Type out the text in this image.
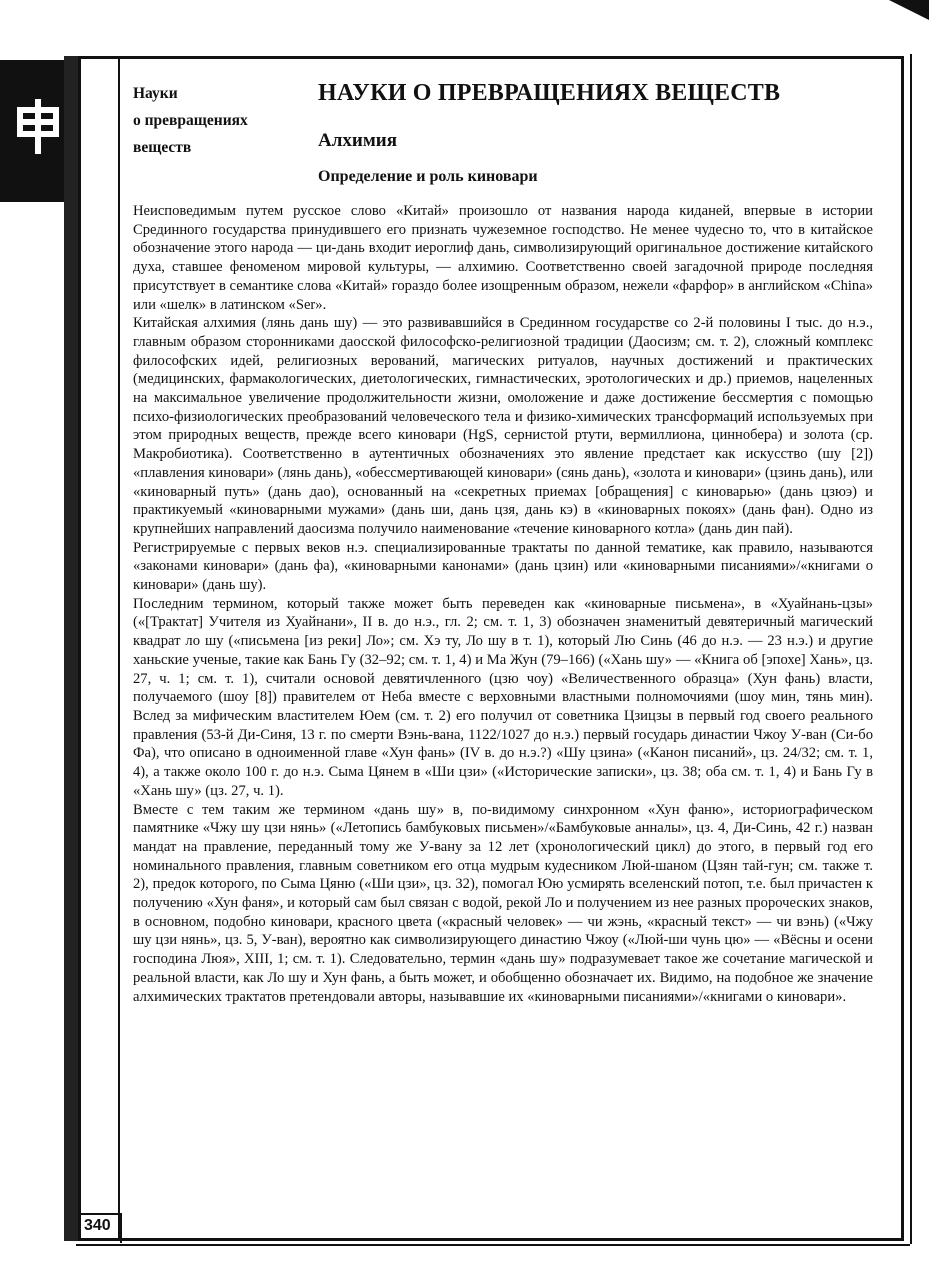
Науки
о превращениях
веществ
НАУКИ О ПРЕВРАЩЕНИЯХ ВЕЩЕСТВ
Алхимия
Определение и роль киновари

Неисповедимым путем русское слово «Китай» произошло от названия народа киданей, впервые в истории Срединного государства принудившего его признать чужеземное господство. Не менее чудесно то, что в китайское обозначение этого народа — ци-дань входит иероглиф дань, символизирующий оригинальное достижение китайского духа, ставшее феноменом мировой культуры, — алхимию. Соответственно своей загадочной природе последняя присутствует в семантике слова «Китай» гораздо более изощренным образом, нежели «фарфор» в английском «China» или «шелк» в латинском «Ser».

Китайская алхимия (лянь дань шу) — это развивавшийся в Срединном государстве со 2-й половины I тыс. до н.э., главным образом сторонниками даосской философско-религиозной традиции (Даосизм; см. т. 2), сложный комплекс философских идей, религиозных верований, магических ритуалов, научных достижений и практических (медицинских, фармакологических, диетологических, гимнастических, эротологических и др.) приемов, нацеленных на максимальное увеличение продолжительности жизни, омоложение и даже достижение бессмертия с помощью психо-физиологических преобразований человеческого тела и физико-химических трансформаций используемых при этом природных веществ, прежде всего киновари (HgS, сернистой ртути, вермиллиона, циннобера) и золота (ср. Макробиотика). Соответственно в аутентичных обозначениях это явление предстает как искусство (шу [2]) «плавления киновари» (лянь дань), «обессмертивающей киновари» (сянь дань), «золота и киновари» (цзинь дань), или «киноварный путь» (дань дао), основанный на «секретных приемах [обращения] с киноварью» (дань цзюэ) и практикуемый «киноварными мужами» (дань ши, дань цзя, дань кэ) в «киноварных покоях» (дань фан). Одно из крупнейших направлений даосизма получило наименование «течение киноварного котла» (дань дин пай).

Регистрируемые с первых веков н.э. специализированные трактаты по данной тематике, как правило, называются «законами киновари» (дань фа), «киноварными канонами» (дань цзин) или «киноварными писаниями»/«книгами о киновари» (дань шу).

Последним термином, который также может быть переведен как «киноварные письмена», в «Хуайнань-цзы» («[Трактат] Учителя из Хуайнани», II в. до н.э., гл. 2; см. т. 1, 3) обозначен знаменитый девятеричный магический квадрат ло шу («письмена [из реки] Ло»; см. Хэ ту, Ло шу в т. 1), который Лю Синь (46 до н.э. — 23 н.э.) и другие ханьские ученые, такие как Бань Гу (32–92; см. т. 1, 4) и Ма Жун (79–166) («Хань шу» — «Книга об [эпохе] Хань», цз. 27, ч. 1; см. т. 1), считали основой девятичленного (цзю чоу) «Величественного образца» (Хун фань) власти, получаемого (шоу [8]) правителем от Неба вместе с верховными властными полномочиями (шоу мин, тянь мин). Вслед за мифическим властителем Юем (см. т. 2) его получил от советника Цзицзы в первый год своего реального правления (53-й Ди-Синя, 13 г. по смерти Вэнь-вана, 1122/1027 до н.э.) первый государь династии Чжоу У-ван (Си-бо Фа), что описано в одноименной главе «Хун фань» (IV в. до н.э.?) «Шу цзина» («Канон писаний», цз. 24/32; см. т. 1, 4), а также около 100 г. до н.э. Сыма Цянем в «Ши цзи» («Исторические записки», цз. 38; оба см. т. 1, 4) и Бань Гу в «Хань шу» (цз. 27, ч. 1).

Вместе с тем таким же термином «дань шу» в, по-видимому синхронном «Хун фаню», историографическом памятнике «Чжу шу цзи нянь» («Летопись бамбуковых письмен»/«Бамбуковые анналы», цз. 4, Ди-Синь, 42 г.) назван мандат на правление, переданный тому же У-вану за 12 лет (хронологический цикл) до этого, в первый год его номинального правления, главным советником его отца мудрым кудесником Люй-шаном (Цзян тай-гун; см. также т. 2), предок которого, по Сыма Цяню («Ши цзи», цз. 32), помогал Юю усмирять вселенский потоп, т.е. был причастен к получению «Хун фаня», и который сам был связан с водой, рекой Ло и получением из нее разных пророческих знаков, в основном, подобно киновари, красного цвета («красный человек» — чи жэнь, «красный текст» — чи вэнь) («Чжу шу цзи нянь», цз. 5, У-ван), вероятно как символизирующего династию Чжоу («Люй-ши чунь цю» — «Вёсны и осени господина Люя», XIII, 1; см. т. 1). Следовательно, термин «дань шу» подразумевает такое же сочетание магической и реальной власти, как Ло шу и Хун фань, а быть может, и обобщенно обозначает их. Видимо, на подобное же значение алхимических трактатов претендовали авторы, называвшие их «киноварными писаниями»/«книгами о киновари».

340
